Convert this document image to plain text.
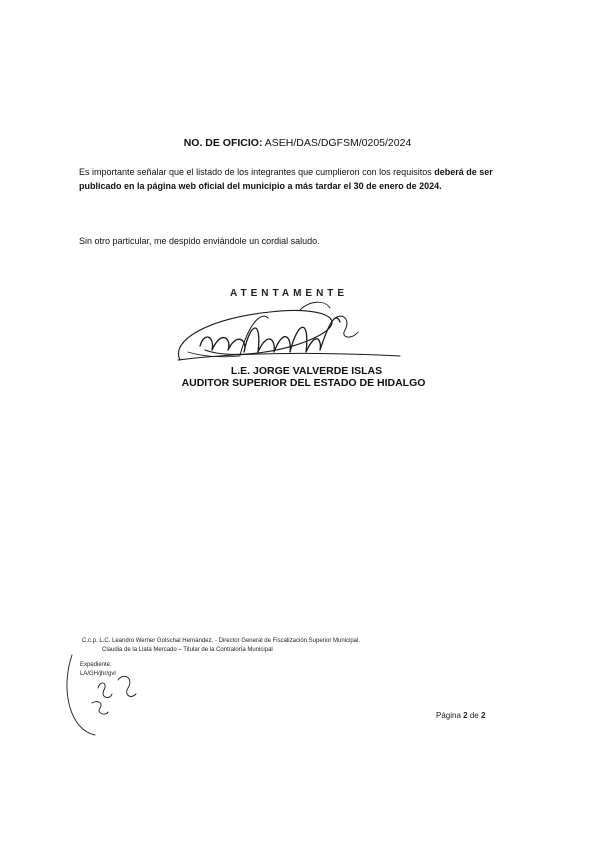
NO. DE OFICIO: ASEH/DAS/DGFSM/0205/2024
Es importante señalar que el listado de los integrantes que cumplieron con los requisitos deberá de ser publicado en la página web oficial del municipio a más tardar el 30 de enero de 2024.
Sin otro particular, me despido enviándole un cordial saludo.
ATENTAMENTE
L.E. JORGE VALVERDE ISLAS
AUDITOR SUPERIOR DEL ESTADO DE HIDALGO
C.c.p. L.C. Leandro Werner Gotschal Hernández. - Director General de Fiscalización Superior Municipal.
Claudia de la Llata Mercado – Titular de la Contraloría Municipal
Expediente.
LA/GH/jhr/gvl
Página 2 de 2
